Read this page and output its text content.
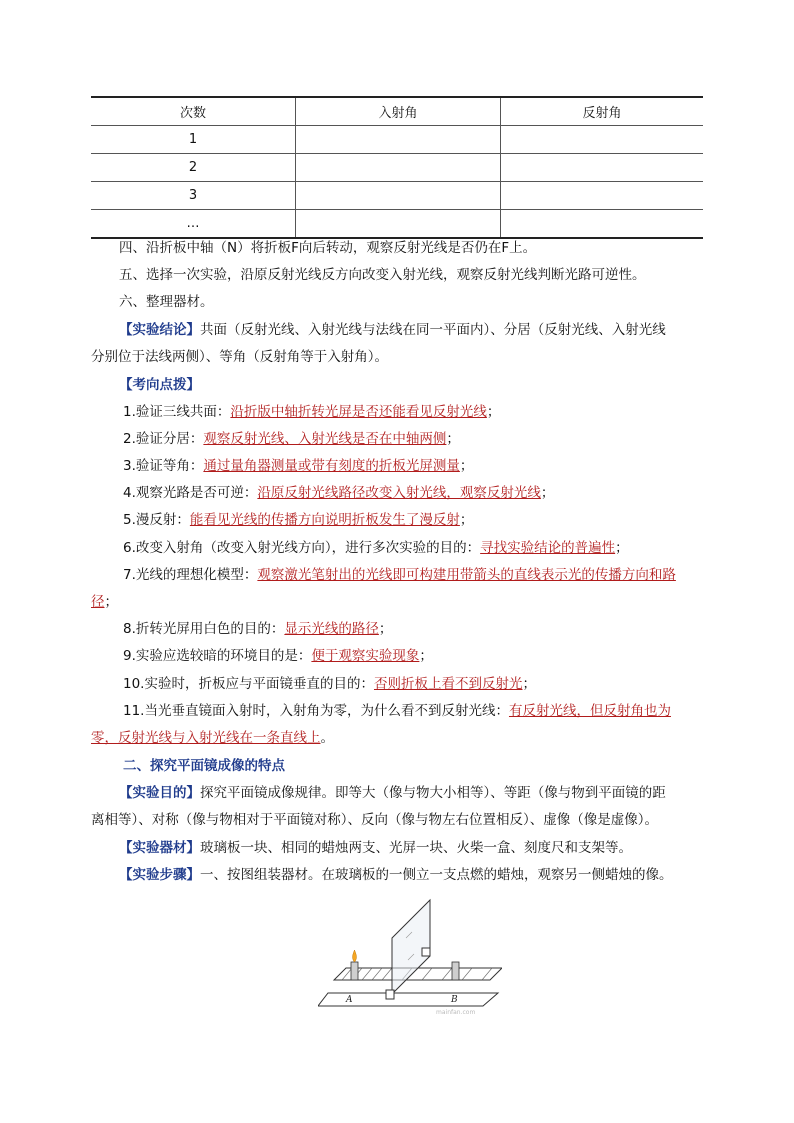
次数	入射角	反射角
1		
2		
3		
…		
四、沿折板中轴（N）将折板F向后转动，观察反射光线是否仍在F上。
五、选择一次实验，沿原反射光线反方向改变入射光线，观察反射光线判断光路可逆性。
六、整理器材。
【实验结论】共面（反射光线、入射光线与法线在同一平面内）、分居（反射光线、入射光线
分别位于法线两侧）、等角（反射角等于入射角）。
【考向点拨】
1.验证三线共面：沿折版中轴折转光屏是否还能看见反射光线；
2.验证分居：观察反射光线、入射光线是否在中轴两侧；
3.验证等角：通过量角器测量或带有刻度的折板光屏测量；
4.观察光路是否可逆：沿原反射光线路径改变入射光线，观察反射光线；
5.漫反射：能看见光线的传播方向说明折板发生了漫反射；
6.改变入射角（改变入射光线方向），进行多次实验的目的：寻找实验结论的普遍性；
7.光线的理想化模型：观察激光笔射出的光线即可构建用带箭头的直线表示光的传播方向和路
径；
8.折转光屏用白色的目的：显示光线的路径；
9.实验应选较暗的环境目的是：便于观察实验现象；
10.实验时，折板应与平面镜垂直的目的：否则折板上看不到反射光；
11.当光垂直镜面入射时，入射角为零，为什么看不到反射光线：有反射光线，但反射角也为
零，反射光线与入射光线在一条直线上。
二、探究平面镜成像的特点
【实验目的】探究平面镜成像规律。即等大（像与物大小相等）、等距（像与物到平面镜的距
离相等）、对称（像与物相对于平面镜对称）、反向（像与物左右位置相反）、虚像（像是虚像）。
【实验器材】玻璃板一块、相同的蜡烛两支、光屏一块、火柴一盒、刻度尺和支架等。
【实验步骤】一、按图组装器材。在玻璃板的一侧立一支点燃的蜡烛，观察另一侧蜡烛的像。
A	B
mainfan.com
